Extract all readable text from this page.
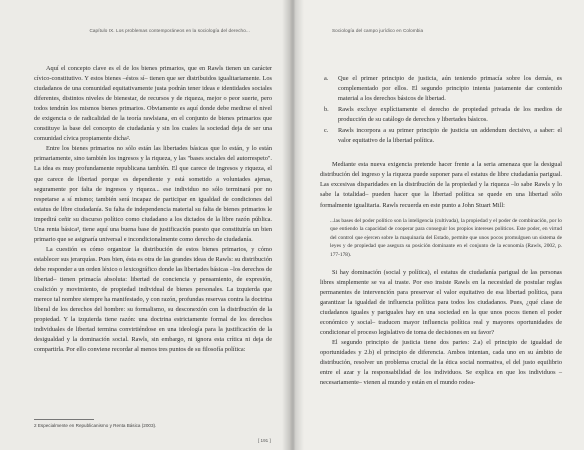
Capítulo IX. Los problemas contemporáneos en la sociología del derecho...

Aquí el concepto clave es el de los bienes primarios, que en Rawls tienen un carácter cívico-constitutivo. Y estos bienes –éstos sí– tienen que ser distribuidos igualitariamente. Los ciudadanos de una comunidad equitativamente justa podrán tener ideas e identidades sociales diferentes, distintos niveles de bienestar, de recursos y de riqueza, mejor o peor suerte, pero todos tendrán los mismos bienes primarios. Obviamente es aquí donde debe medirse el nivel de exigencia o de radicalidad de la teoría rawlsiana, en el conjunto de bienes primarios que constituye la base del concepto de ciudadanía y sin los cuales la sociedad deja de ser una comunidad cívica propiamente dicha².

Entre los bienes primarios no sólo están las libertades básicas que lo están, y lo están primariamente, sino también los ingresos y la riqueza, y las "bases sociales del autorrespeto". La idea es muy profundamente republicana también. El que carece de ingresos y riqueza, el que carece de libertad porque es dependiente y está sometido a voluntades ajenas, seguramente por falta de ingresos y riqueza... ese individuo no sólo terminará por no respetarse a sí mismo; también será incapaz de participar en igualdad de condiciones del estatus de libre ciudadanía. Su falta de independencia material su falta de bienes primarios le impedirá ceñir su discurso político como ciudadano a los dictados de la libre razón pública. Una renta básica³, tiene aquí una buena base de justificación puesto que constituiría un bien primario que se asignaría universal e incondicionalmente como derecho de ciudadanía.

La cuestión es cómo organizar la distribución de estos bienes primarios, y cómo establecer sus jerarquías. Pues bien, ésta es otra de las grandes ideas de Rawls: su distribución debe responder a un orden léxico o lexicográfico donde las libertades básicas –los derechos de libertad– tienen primacía absoluta: libertad de conciencia y pensamiento, de expresión, coalición y movimiento, de propiedad individual de bienes personales. La izquierda que merece tal nombre siempre ha manifestado, y con razón, profundas reservas contra la doctrina liberal de los derechos del hombre: su formalismo, su desconexión con la distribución de la propiedad. Y la izquierda tiene razón: una doctrina estrictamente formal de los derechos individuales de libertad termina convirtiéndose en una ideología para la justificación de la desigualdad y la dominación social. Rawls, sin embargo, ni ignora esta crítica ni deja de compartirla. Por ello conviene recordar al menos tres puntos de su filosofía política:

2 Especialmente en Republicanismo y Renta Básica (2003).
[ 191 ]
Sociología del campo jurídico en Colombia
a. Que el primer principio de justicia, aún teniendo primacía sobre los demás, es complementado por ellos. El segundo principio intenta justamente dar contenido material a los derechos básicos de libertad.
b. Rawls excluye explícitamente el derecho de propiedad privada de los medios de producción de su catálogo de derechos y libertades básicos.
c. Rawls incorpora a su primer principio de justicia un addendum decisivo, a saber: el valor equitativo de la libertad política.

Mediante esta nueva exigencia pretende hacer frente a la seria amenaza que la desigual distribución del ingreso y la riqueza puede suponer para el estatus de libre ciudadanía parigual. Las excesivas disparidades en la distribución de la propiedad y la riqueza –lo sabe Rawls y lo sabe la totalidad– pueden hacer que la libertad política se quede en una libertad sólo formalmente igualitaria. Rawls recuerda en este punto a John Stuart Mill:

...las bases del poder político son la inteligencia (cultivada), la propiedad y el poder de combinación, por lo que entiendo la capacidad de cooperar para conseguir los propios intereses políticos. Este poder, en virtud del control que ejercen sobre la maquinaria del Estado, permite que unos pocos promulguen un sistema de leyes y de propiedad que asegura su posición dominante en el conjunto de la economía (Rawls, 2002, p. 177-178).

Si hay dominación (social y política), el estatus de ciudadanía parigual de las personas libres simplemente se va al traste. Por eso insiste Rawls en la necesidad de postular reglas permanentes de intervención para preservar el valor equitativo de esa libertad política, para garantizar la igualdad de influencia política para todos los ciudadanos. Pues, ¿qué clase de ciudadanos iguales y pariguales hay en una sociedad en la que unos pocos tienen el poder económico y social– traducen mayor influencia política real y mayores oportunidades de condicionar el proceso legislativo de toma de decisiones en su favor?

El segundo principio de justicia tiene dos partes: 2.a) el principio de igualdad de oportunidades y 2.b) el principio de diferencia. Ambos intentan, cada uno en su ámbito de distribución, resolver un problema crucial de la ética social normativa, el del justo equilibrio entre el azar y la responsabilidad de los individuos. Se explica en que los individuos –necesariamente– vienen al mundo y están en el mundo rodea-
